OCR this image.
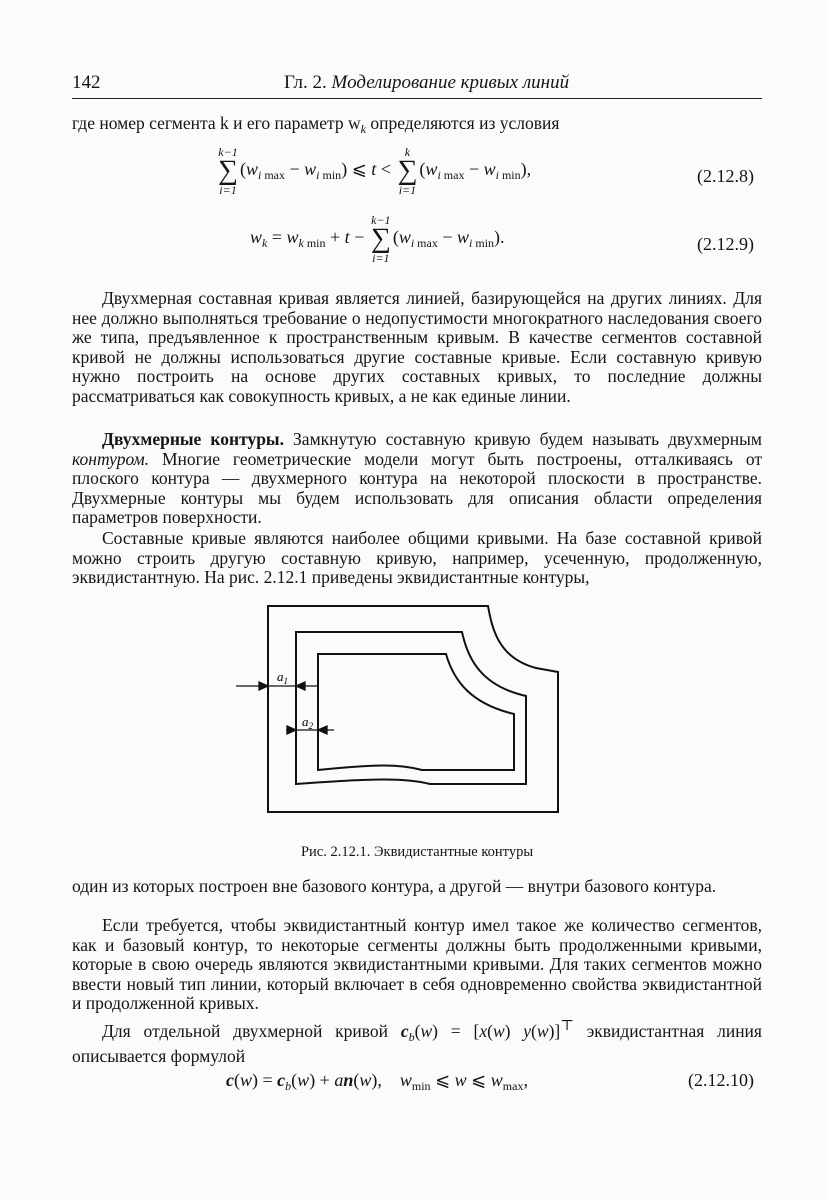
142	Гл. 2. Моделирование кривых линий
где номер сегмента k и его параметр $w_k$ определяются из условия
k−1
∑
i=1
$(w_{i max} - w_{i min})$ ⩽ t <
k
∑
i=1
$(w_{i max} - w_{i min})$,	(2.12.8)
$w_k = w_{k min} + t$ −
k−1
∑
i=1
$(w_{i max} - w_{i min})$.	(2.12.9)
Двухмерная составная кривая является линией, базирующейся на других линиях. Для нее должно выполняться требование о недопустимости многократного наследования своего же типа, предъявленное к пространственным кривым. В качестве сегментов составной кривой не должны использоваться другие составные кривые. Если составную кривую нужно построить на основе других составных кривых, то последние должны рассматриваться как совокупность кривых, а не как единые линии.
Двухмерные контуры. Замкнутую составную кривую будем называть двухмерным контуром. Многие геометрические модели могут быть построены, отталкиваясь от плоского контура — двухмерного контура на некоторой плоскости в пространстве. Двухмерные контуры мы будем использовать для описания области определения параметров поверхности.
Составные кривые являются наиболее общими кривыми. На базе составной кривой можно строить другую составную кривую, например, усеченную, продолженную, эквидистантную. На рис. 2.12.1 приведены эквидистантные контуры,
$a_1$
$a_2$
Рис. 2.12.1. Эквидистантные контуры
один из которых построен вне базового контура, а другой — внутри базового контура.
Если требуется, чтобы эквидистантный контур имел такое же количество сегментов, как и базовый контур, то некоторые сегменты должны быть продолженными кривыми, которые в свою очередь являются эквидистантными кривыми. Для таких сегментов можно ввести новый тип линии, который включает в себя одновременно свойства эквидистантной и продолженной кривых.
Для отдельной двухмерной кривой $c_b(w) = [x(w)$ y(w)]⊤ эквидистантная линия описывается формулой
$c(w) = c_b(w) + an(w)$,    $w_{min}$ ⩽ w ⩽ $w_{max}$,	(2.12.10)
